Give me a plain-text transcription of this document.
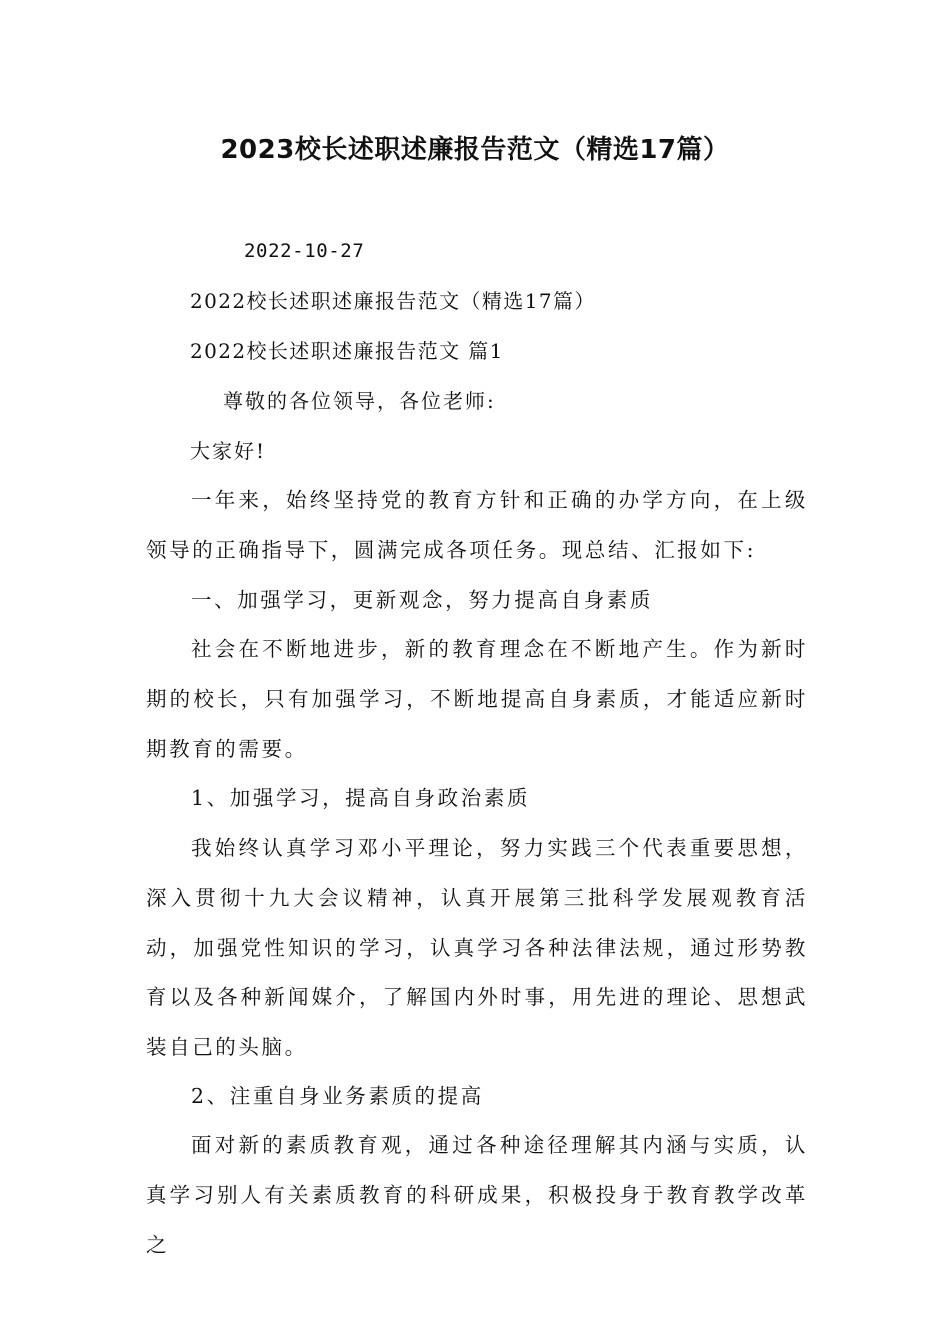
2023校长述职述廉报告范文（精选17篇）
2022-10-27
2022校长述职述廉报告范文（精选17篇）
2022校长述职述廉报告范文 篇1
尊敬的各位领导，各位老师:
大家好!

一年来，始终坚持党的教育方针和正确的办学方向，在上级领导的正确指导下，圆满完成各项任务。现总结、汇报如下:

一、加强学习，更新观念，努力提高自身素质

社会在不断地进步，新的教育理念在不断地产生。作为新时期的校长，只有加强学习，不断地提高自身素质，才能适应新时期教育的需要。

1、加强学习，提高自身政治素质

我始终认真学习邓小平理论，努力实践三个代表重要思想，深入贯彻十九大会议精神，认真开展第三批科学发展观教育活动，加强党性知识的学习，认真学习各种法律法规，通过形势教育以及各种新闻媒介，了解国内外时事，用先进的理论、思想武装自己的头脑。

2、注重自身业务素质的提高

面对新的素质教育观，通过各种途径理解其内涵与实质，认真学习别人有关素质教育的科研成果，积极投身于教育教学改革之
